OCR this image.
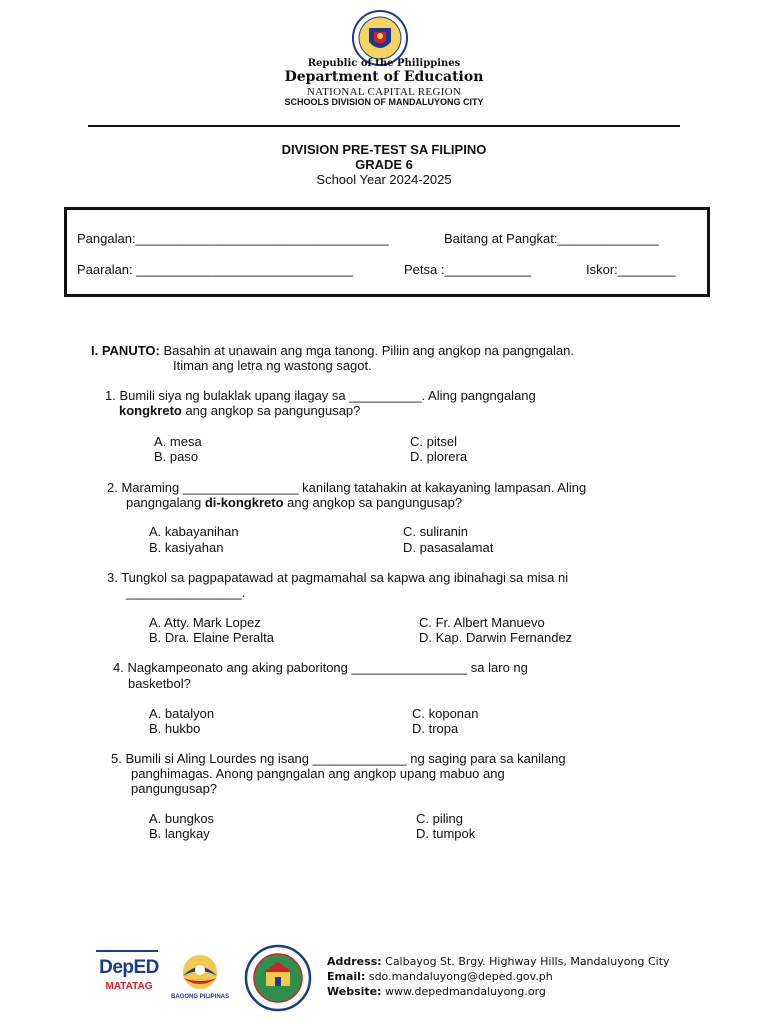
Republic of the Philippines
Department of Education
NATIONAL CAPITAL REGION
SCHOOLS DIVISION OF MANDALUYONG CITY
DIVISION PRE-TEST SA FILIPINO
GRADE 6
School Year 2024-2025
Pangalan:___________________________________	Baitang at Pangkat:______________
Paaralan: ______________________________	Petsa :____________	Iskor:________
I. PANUTO: Basahin at unawain ang mga tanong. Piliin ang angkop na pangngalan.
Itiman ang letra ng wastong sagot.
1. Bumili siya ng bulaklak upang ilagay sa __________. Aling pangngalang
kongkreto ang angkop sa pangungusap?
A. mesa
B. paso
C. pitsel
D. plorera
2. Maraming ________________ kanilang tatahakin at kakayaning lampasan. Aling
pangngalang di-kongkreto ang angkop sa pangungusap?
A. kabayanihan
B. kasiyahan
C. suliranin
D. pasasalamat
3. Tungkol sa pagpapatawad at pagmamahal sa kapwa ang ibinahagi sa misa ni
________________.
A. Atty. Mark Lopez
B. Dra. Elaine Peralta
C. Fr. Albert Manuevo
D. Kap. Darwin Fernandez
4. Nagkampeonato ang aking paboritong ________________ sa laro ng
basketbol?
A. batalyon
B. hukbo
C. koponan
D. tropa
5. Bumili si Aling Lourdes ng isang _____________ ng saging para sa kanilang
panghimagas. Anong pangngalan ang angkop upang mabuo ang
pangungusap?
A. bungkos
B. langkay
C. piling
D. tumpok
DepED
MATATAG
BAGONG PILIPINAS
Address: Calbayog St. Brgy. Highway Hills, Mandaluyong City
Email: sdo.mandaluyong@deped.gov.ph
Website: www.depedmandaluyong.org
